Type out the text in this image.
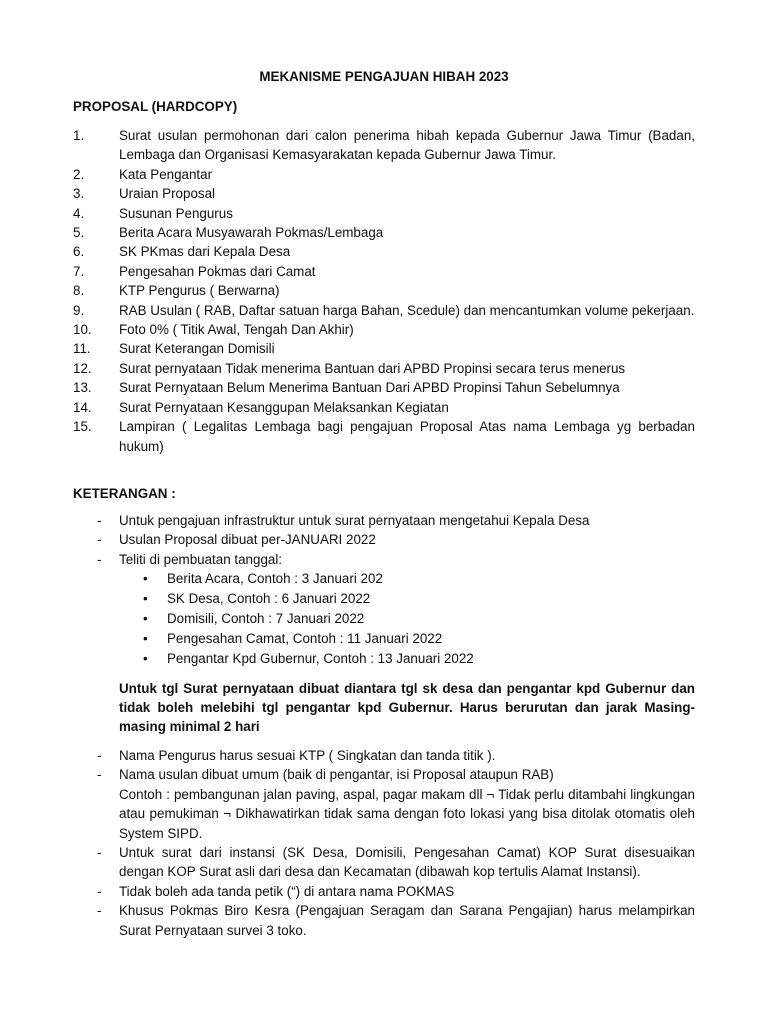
MEKANISME PENGAJUAN HIBAH 2023
PROPOSAL (HARDCOPY)
1.	Surat usulan permohonan dari calon penerima hibah kepada Gubernur Jawa Timur (Badan, Lembaga dan Organisasi Kemasyarakatan kepada Gubernur Jawa Timur.
2.	Kata Pengantar
3.	Uraian Proposal
4.	Susunan Pengurus
5.	Berita Acara Musyawarah Pokmas/Lembaga
6.	SK PKmas dari Kepala Desa
7.	Pengesahan Pokmas dari Camat
8.	KTP Pengurus ( Berwarna)
9.	RAB Usulan ( RAB, Daftar satuan harga Bahan, Scedule) dan mencantumkan volume pekerjaan.
10.	Foto 0% ( Titik Awal, Tengah Dan Akhir)
11.	Surat Keterangan Domisili
12.	Surat pernyataan Tidak menerima Bantuan dari APBD Propinsi secara terus menerus
13.	Surat Pernyataan Belum Menerima Bantuan Dari APBD Propinsi Tahun Sebelumnya
14.	Surat Pernyataan Kesanggupan Melaksankan Kegiatan
15.	Lampiran ( Legalitas Lembaga bagi pengajuan Proposal Atas nama Lembaga yg berbadan hukum)
KETERANGAN :
-	Untuk pengajuan infrastruktur untuk surat pernyataan mengetahui Kepala Desa
-	Usulan Proposal dibuat per-JANUARI 2022
-	Teliti di pembuatan tanggal:
•	Berita Acara, Contoh : 3 Januari 202
•	SK Desa, Contoh : 6 Januari 2022
•	Domisili, Contoh : 7 Januari 2022
•	Pengesahan Camat, Contoh : 11 Januari 2022
•	Pengantar Kpd Gubernur, Contoh : 13 Januari 2022
Untuk tgl Surat pernyataan dibuat diantara tgl sk desa dan pengantar kpd Gubernur dan tidak boleh melebihi tgl pengantar kpd Gubernur. Harus berurutan dan jarak Masing-masing minimal 2 hari
-	Nama Pengurus harus sesuai KTP ( Singkatan dan tanda titik ).
-	Nama usulan dibuat umum (baik di pengantar, isi Proposal ataupun RAB)
Contoh : pembangunan jalan paving, aspal, pagar makam dll ¬ Tidak perlu ditambahi lingkungan atau pemukiman ¬ Dikhawatirkan tidak sama dengan foto lokasi yang bisa ditolak otomatis oleh System SIPD.
-	Untuk surat dari instansi (SK Desa, Domisili, Pengesahan Camat) KOP Surat disesuaikan dengan KOP Surat asli dari desa dan Kecamatan (dibawah kop tertulis Alamat Instansi).
-	Tidak boleh ada tanda petik (“) di antara nama POKMAS
-	Khusus Pokmas Biro Kesra (Pengajuan Seragam dan Sarana Pengajian) harus melampirkan Surat Pernyataan survei 3 toko.
